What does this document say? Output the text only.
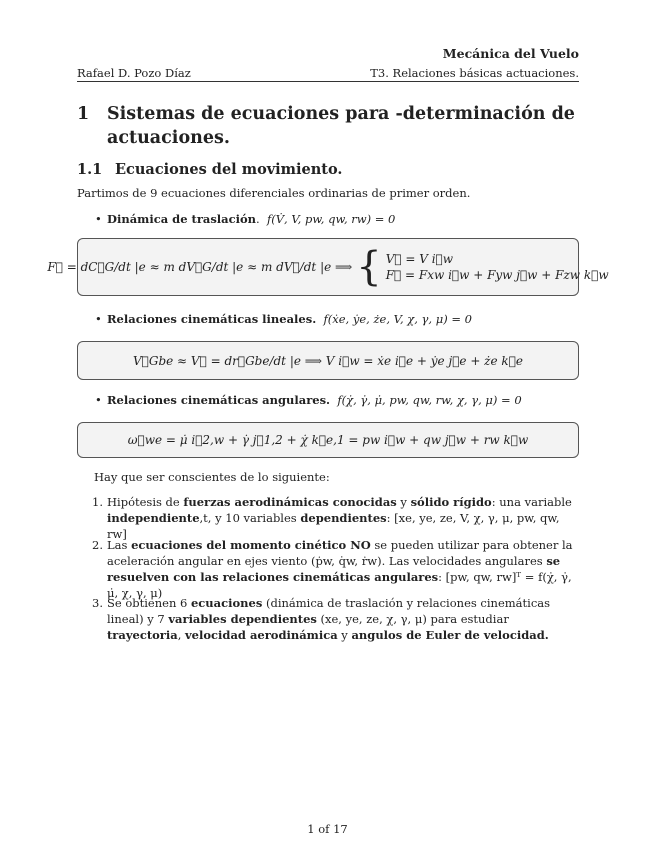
Mecánica del Vuelo
Rafael D. Pozo Díaz	T3. Relaciones básicas actuaciones.
1 Sistemas de ecuaciones para -determinación de actuaciones.
1.1 Ecuaciones del movimiento.
Partimos de 9 ecuaciones diferenciales ordinarias de primer orden.
• Dinámica de traslación. f(V̇, V, pw, qw, rw) = 0
F⃗ = dC⃗G/dt |e ≈ m dV⃗G/dt |e ≈ m dV⃗/dt |e ⟹ { V⃗ = V i⃗w
F⃗ = Fxw i⃗w + Fyw j⃗w + Fzw k⃗w
• Relaciones cinemáticas lineales. f(ẋe, ẏe, że, V, χ, γ, μ) = 0
V⃗Gbe ≈ V⃗ = dr⃗Gbe/dt |e ⟹ V i⃗w = ẋe i⃗e + ẏe j⃗e + że k⃗e
• Relaciones cinemáticas angulares. f(χ̇, γ̇, μ̇, pw, qw, rw, χ, γ, μ) = 0
ω⃗we = μ̇ i⃗2,w + γ̇ j⃗1,2 + χ̇ k⃗e,1 = pw i⃗w + qw j⃗w + rw k⃗w
Hay que ser conscientes de lo siguiente:
1. Hipótesis de fuerzas aerodinámicas conocidas y sólido rígido: una variable independiente,t, y 10 variables dependientes: [xe, ye, ze, V, χ, γ, μ, pw, qw, rw]
2. Las ecuaciones del momento cinético NO se pueden utilizar para obtener la aceleración angular en ejes viento (ṗw, q̇w, ṙw). Las velocidades angulares se resuelven con las relaciones cinemáticas angulares: [pw, qw, rw]ᵀ = f(χ̇, γ̇, μ̇, χ, γ, μ)
3. Se obtienen 6 ecuaciones (dinámica de traslación y relaciones cinemáticas lineal) y 7 variables dependientes (xe, ye, ze, χ, γ, μ) para estudiar trayectoria, velocidad aerodinámica y angulos de Euler de velocidad.
1 of 17
